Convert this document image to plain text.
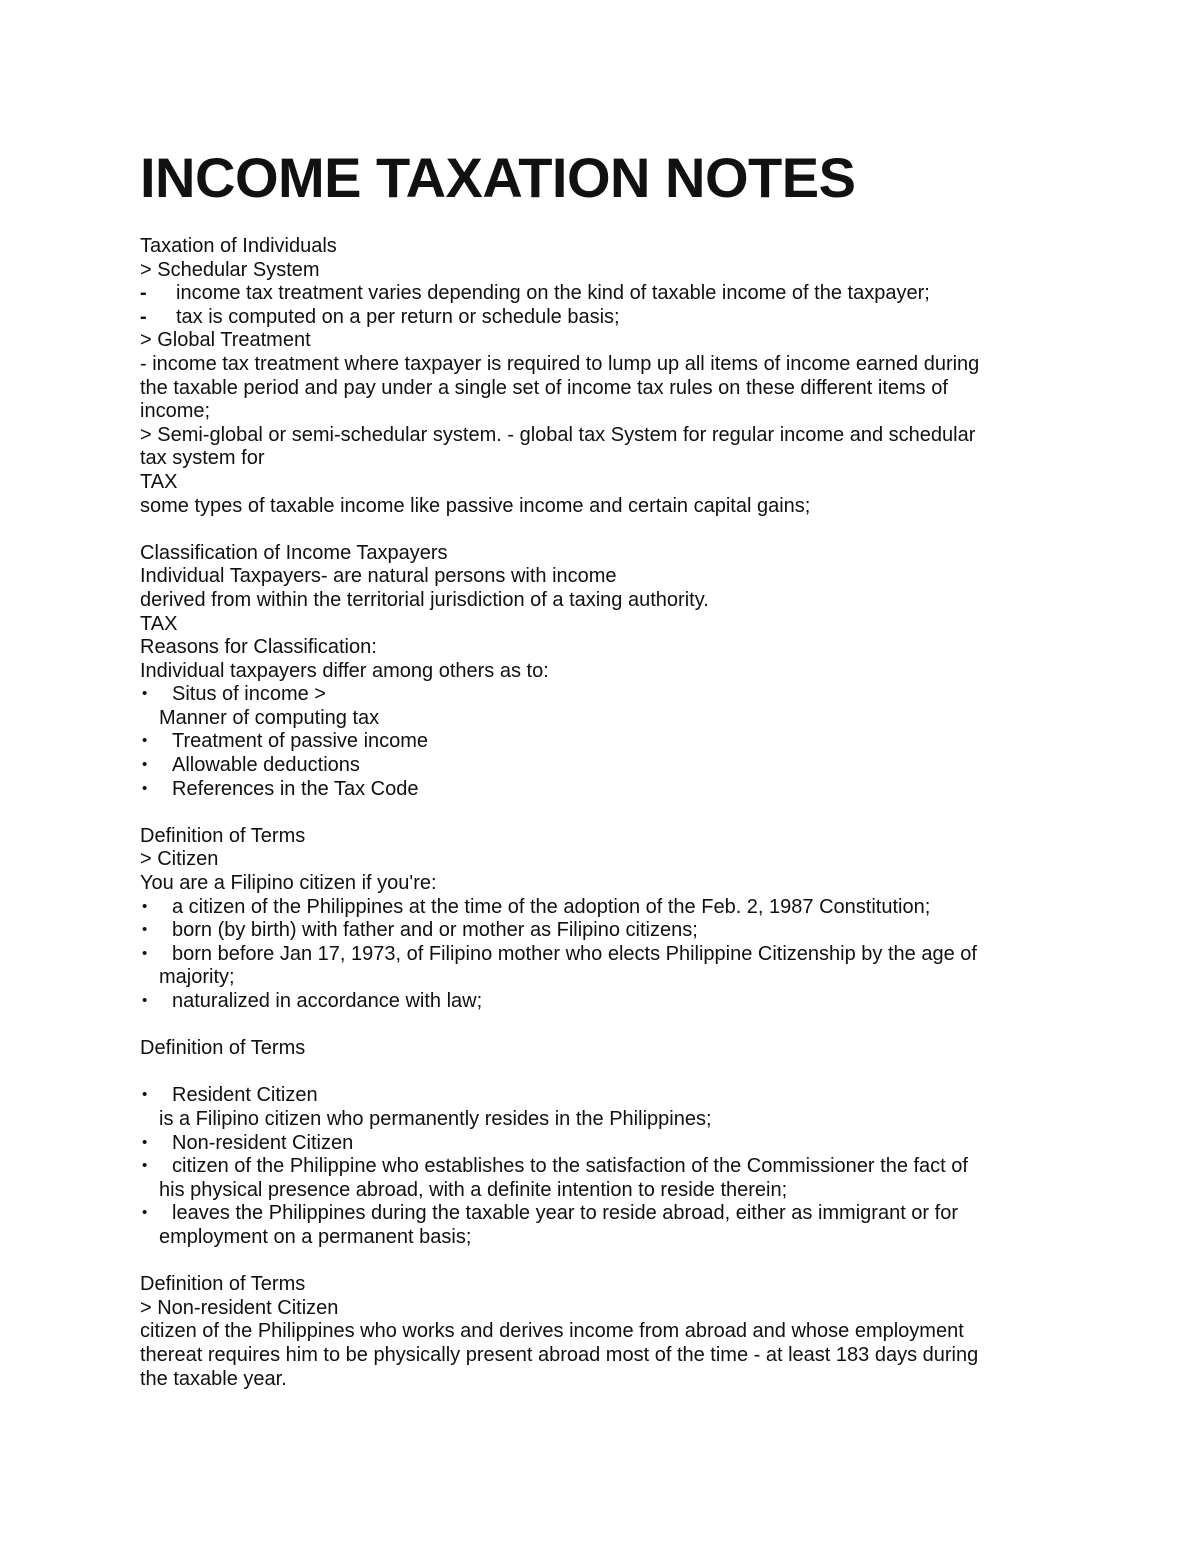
INCOME TAXATION NOTES

Taxation of Individuals

> Schedular System

- income tax treatment varies depending on the kind of taxable income of the taxpayer;

- tax is computed on a per return or schedule basis;

> Global Treatment

- income tax treatment where taxpayer is required to lump up all items of income earned during

the taxable period and pay under a single set of income tax rules on these different items of

income;

> Semi-global or semi-schedular system. - global tax System for regular income and schedular

tax system for

TAX

some types of taxable income like passive income and certain capital gains;

Classification of Income Taxpayers

Individual Taxpayers- are natural persons with income

derived from within the territorial jurisdiction of a taxing authority.

TAX

Reasons for Classification:

Individual taxpayers differ among others as to:

• Situs of income >

Manner of computing tax

• Treatment of passive income

• Allowable deductions

• References in the Tax Code

Definition of Terms

> Citizen

You are a Filipino citizen if you're:

• a citizen of the Philippines at the time of the adoption of the Feb. 2, 1987 Constitution;

• born (by birth) with father and or mother as Filipino citizens;

• born before Jan 17, 1973, of Filipino mother who elects Philippine Citizenship by the age of

majority;

• naturalized in accordance with law;

Definition of Terms

• Resident Citizen

is a Filipino citizen who permanently resides in the Philippines;

• Non-resident Citizen

• citizen of the Philippine who establishes to the satisfaction of the Commissioner the fact of

his physical presence abroad, with a definite intention to reside therein;

• leaves the Philippines during the taxable year to reside abroad, either as immigrant or for

employment on a permanent basis;

Definition of Terms

> Non-resident Citizen

citizen of the Philippines who works and derives income from abroad and whose employment

thereat requires him to be physically present abroad most of the time - at least 183 days during

the taxable year.
